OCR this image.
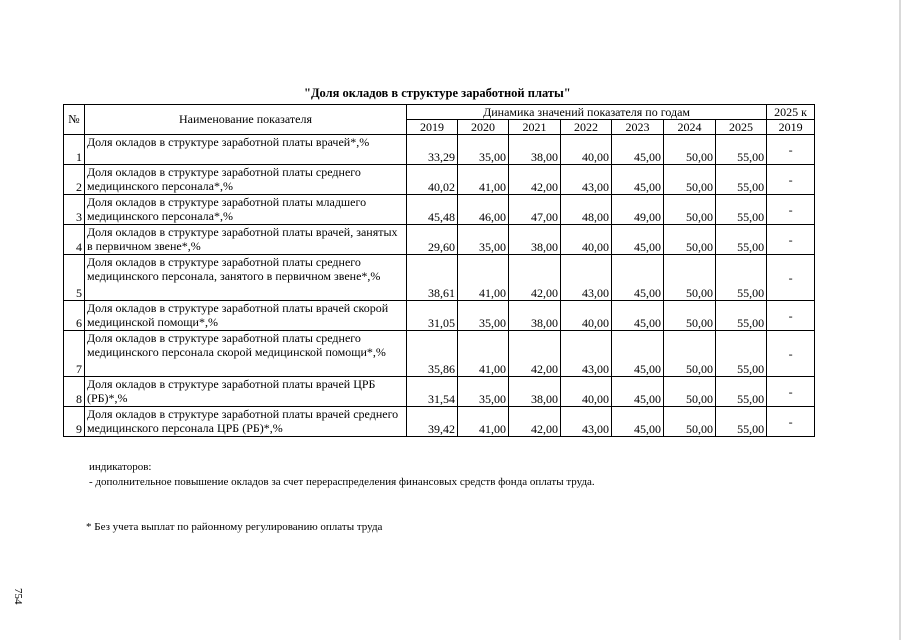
"Доля окладов в структуре заработной платы"
№	Наименование показателя	Динамика значений показателя по годам							2025 к
		2019	2020	2021	2022	2023	2024	2025	2019
1	Доля окладов в структуре заработной платы врачей*,%	33,29	35,00	38,00	40,00	45,00	50,00	55,00	-
2	Доля окладов в структуре заработной платы среднего медицинского персонала*,%	40,02	41,00	42,00	43,00	45,00	50,00	55,00	-
3	Доля окладов в структуре заработной платы младшего медицинского персонала*,%	45,48	46,00	47,00	48,00	49,00	50,00	55,00	-
4	Доля окладов в структуре заработной платы врачей, занятых в первичном звене*,%	29,60	35,00	38,00	40,00	45,00	50,00	55,00	-
5	Доля окладов в структуре заработной платы среднего медицинского персонала, занятого в первичном звене*,%	38,61	41,00	42,00	43,00	45,00	50,00	55,00	-
6	Доля окладов в структуре заработной платы врачей скорой медицинской помощи*,%	31,05	35,00	38,00	40,00	45,00	50,00	55,00	-
7	Доля окладов в структуре заработной платы среднего медицинского персонала скорой медицинской помощи*,%	35,86	41,00	42,00	43,00	45,00	50,00	55,00	-
8	Доля окладов в структуре заработной платы врачей ЦРБ (РБ)*,%	31,54	35,00	38,00	40,00	45,00	50,00	55,00	-
9	Доля окладов в структуре заработной платы врачей среднего медицинского персонала ЦРБ (РБ)*,%	39,42	41,00	42,00	43,00	45,00	50,00	55,00	-
индикаторов:
- дополнительное повышение окладов за счет перераспределения финансовых средств фонда оплаты труда.
* Без учета выплат по районному регулированию оплаты труда
754
